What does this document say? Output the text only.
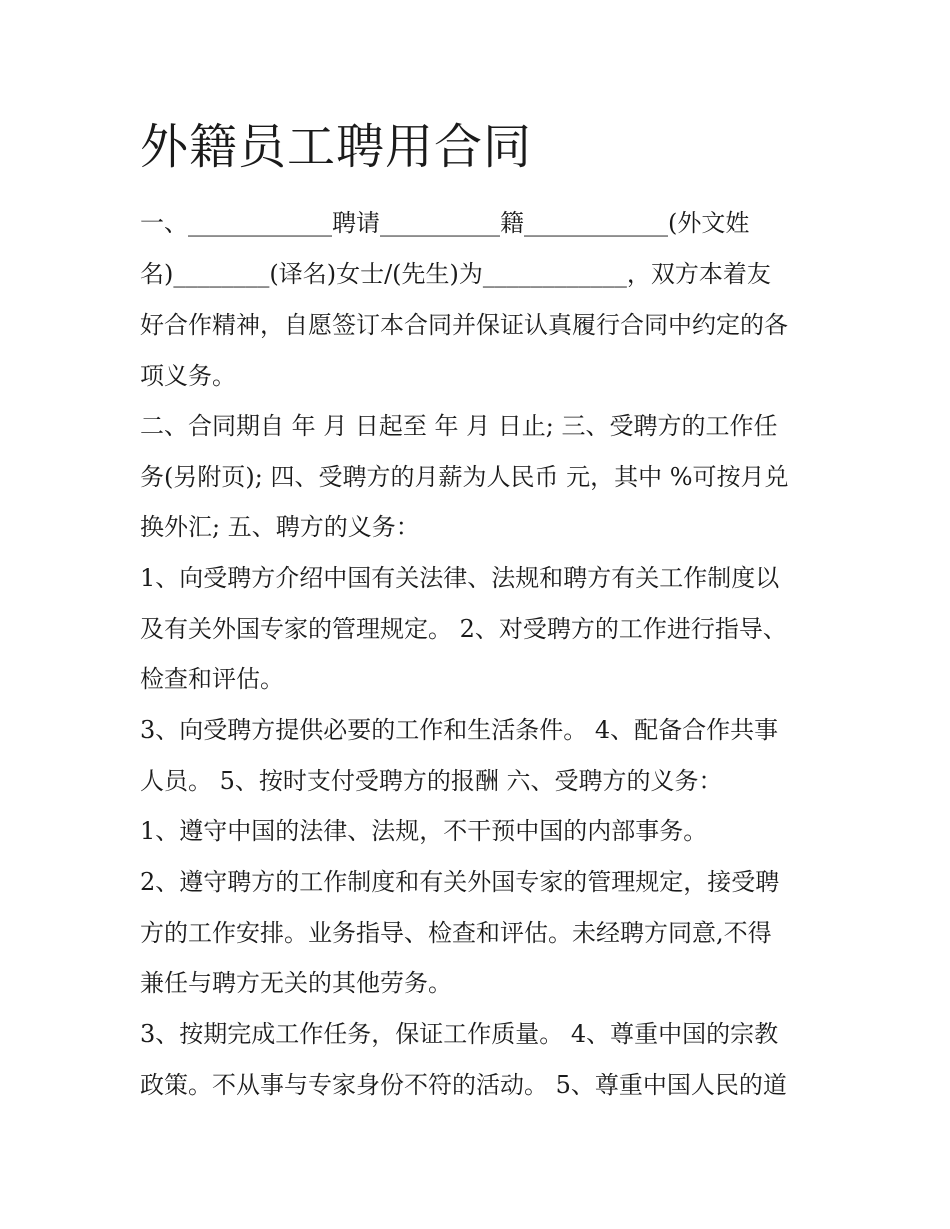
外籍员工聘用合同

一、____________聘请__________籍____________(外文姓

名)________(译名)女士/(先生)为____________，双方本着友

好合作精神，自愿签订本合同并保证认真履行合同中约定的各

项义务。

二、合同期自 年 月 日起至 年 月 日止; 三、受聘方的工作任

务(另附页); 四、受聘方的月薪为人民币 元，其中 %可按月兑

换外汇; 五、聘方的义务：

1、向受聘方介绍中国有关法律、法规和聘方有关工作制度以

及有关外国专家的管理规定。 2、对受聘方的工作进行指导、

检查和评估。

3、向受聘方提供必要的工作和生活条件。 4、配备合作共事

人员。 5、按时支付受聘方的报酬 六、受聘方的义务：

1、遵守中国的法律、法规，不干预中国的内部事务。

2、遵守聘方的工作制度和有关外国专家的管理规定，接受聘

方的工作安排。业务指导、检查和评估。未经聘方同意,不得

兼任与聘方无关的其他劳务。

3、按期完成工作任务，保证工作质量。 4、尊重中国的宗教

政策。不从事与专家身份不符的活动。 5、尊重中国人民的道
